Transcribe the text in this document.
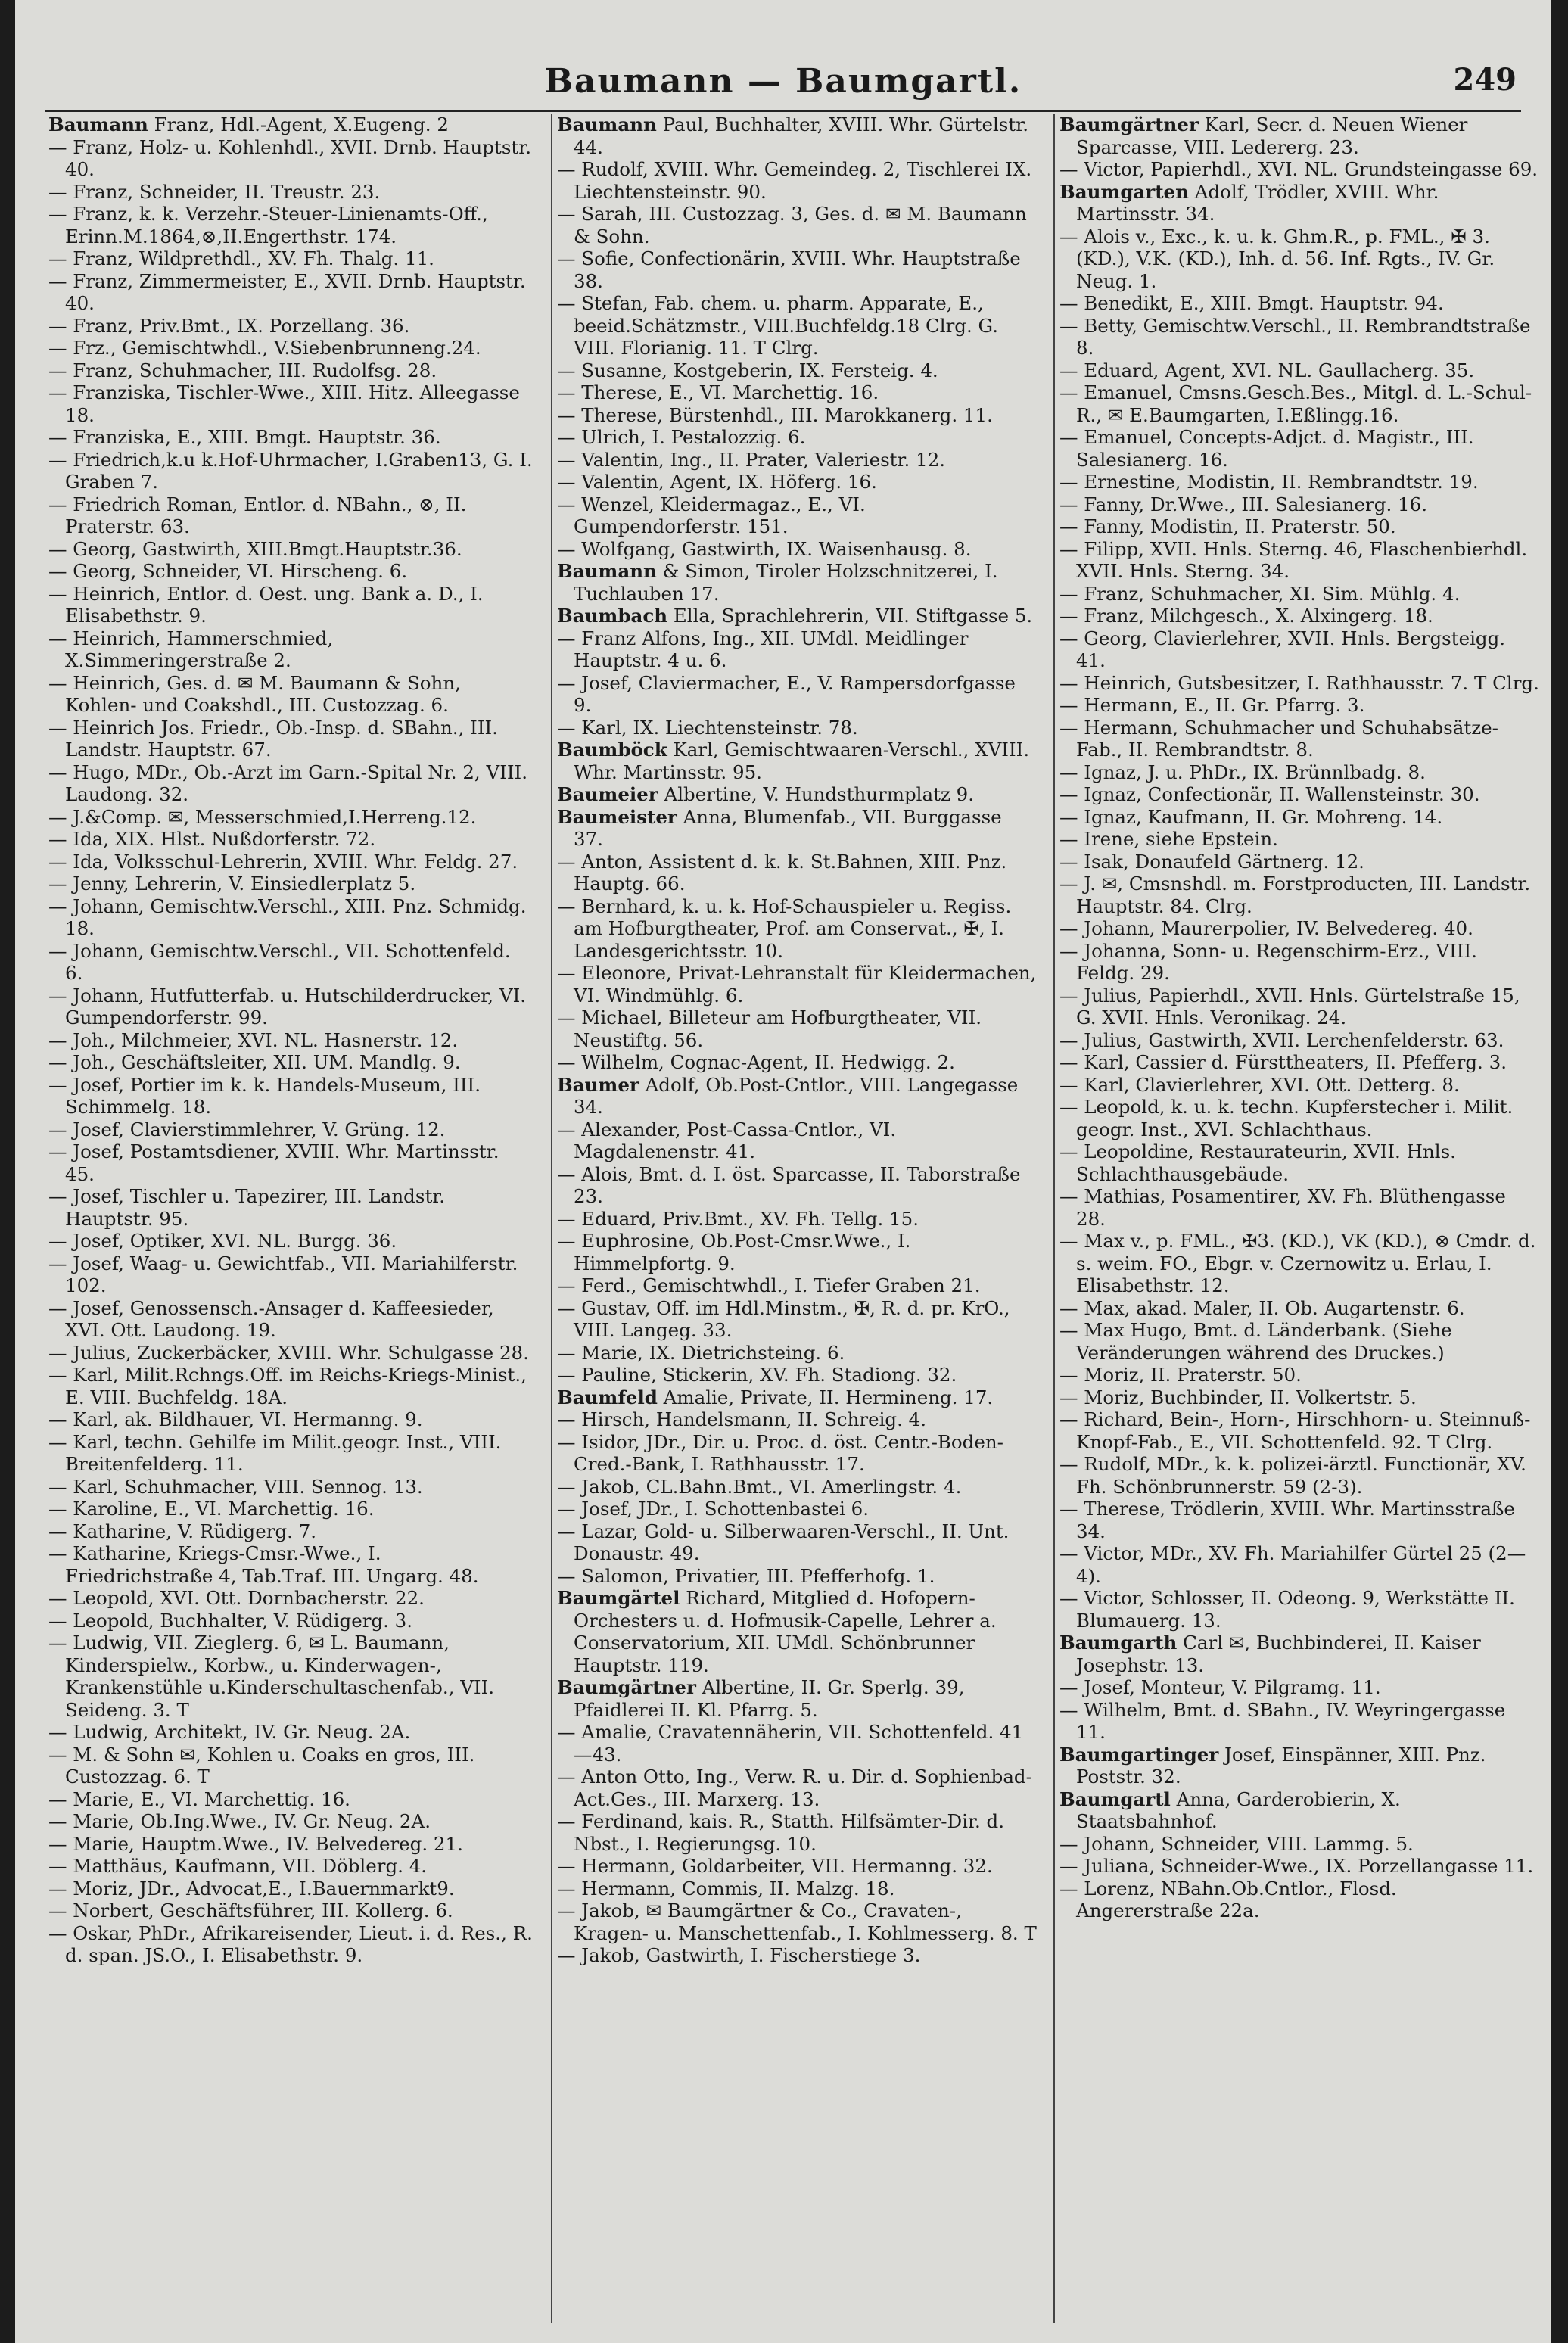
Baumann — Baumgartl.	249
Baumann Franz, Hdl.-Agent, X.Eugeng. 2
— Franz, Holz- u. Kohlenhdl., XVII. Drnb. Hauptstr. 40.
— Franz, Schneider, II. Treustr. 23.
— Franz, k. k. Verzehr.-Steuer-Linienamts-Off., Erinn.M.1864,⊗,II.Engerthstr. 174.
— Franz, Wildprethdl., XV. Fh. Thalg. 11.
— Franz, Zimmermeister, E., XVII. Drnb. Hauptstr. 40.
— Franz, Priv.Bmt., IX. Porzellang. 36.
— Frz., Gemischtwhdl., V.Siebenbrunneng.24.
— Franz, Schuhmacher, III. Rudolfsg. 28.
— Franziska, Tischler-Wwe., XIII. Hitz. Alleegasse 18.
— Franziska, E., XIII. Bmgt. Hauptstr. 36.
— Friedrich,k.u k.Hof-Uhrmacher, I.Graben13, G. I. Graben 7.
— Friedrich Roman, Entlor. d. NBahn., ⊗, II. Praterstr. 63.
— Georg, Gastwirth, XIII.Bmgt.Hauptstr.36.
— Georg, Schneider, VI. Hirscheng. 6.
— Heinrich, Entlor. d. Oest. ung. Bank a. D., I. Elisabethstr. 9.
— Heinrich, Hammerschmied, X.Simmeringerstraße 2.
— Heinrich, Ges. d. ✉ M. Baumann & Sohn, Kohlen- und Coakshdl., III. Custozzag. 6.
— Heinrich Jos. Friedr., Ob.-Insp. d. SBahn., III. Landstr. Hauptstr. 67.
— Hugo, MDr., Ob.-Arzt im Garn.-Spital Nr. 2, VIII. Laudong. 32.
— J.&Comp. ✉, Messerschmied,I.Herreng.12.
— Ida, XIX. Hlst. Nußdorferstr. 72.
— Ida, Volksschul-Lehrerin, XVIII. Whr. Feldg. 27.
— Jenny, Lehrerin, V. Einsiedlerplatz 5.
— Johann, Gemischtw.Verschl., XIII. Pnz. Schmidg. 18.
— Johann, Gemischtw.Verschl., VII. Schottenfeld. 6.
— Johann, Hutfutterfab. u. Hutschilderdrucker, VI. Gumpendorferstr. 99.
— Joh., Milchmeier, XVI. NL. Hasnerstr. 12.
— Joh., Geschäftsleiter, XII. UM. Mandlg. 9.
— Josef, Portier im k. k. Handels-Museum, III. Schimmelg. 18.
— Josef, Clavierstimmlehrer, V. Grüng. 12.
— Josef, Postamtsdiener, XVIII. Whr. Martinsstr. 45.
— Josef, Tischler u. Tapezirer, III. Landstr. Hauptstr. 95.
— Josef, Optiker, XVI. NL. Burgg. 36.
— Josef, Waag- u. Gewichtfab., VII. Mariahilferstr. 102.
— Josef, Genossensch.-Ansager d. Kaffeesieder, XVI. Ott. Laudong. 19.
— Julius, Zuckerbäcker, XVIII. Whr. Schulgasse 28.
— Karl, Milit.Rchngs.Off. im Reichs-Kriegs-Minist., E. VIII. Buchfeldg. 18A.
— Karl, ak. Bildhauer, VI. Hermanng. 9.
— Karl, techn. Gehilfe im Milit.geogr. Inst., VIII. Breitenfelderg. 11.
— Karl, Schuhmacher, VIII. Sennog. 13.
— Karoline, E., VI. Marchettig. 16.
— Katharine, V. Rüdigerg. 7.
— Katharine, Kriegs-Cmsr.-Wwe., I. Friedrichstraße 4, Tab.Traf. III. Ungarg. 48.
— Leopold, XVI. Ott. Dornbacherstr. 22.
— Leopold, Buchhalter, V. Rüdigerg. 3.
— Ludwig, VII. Zieglerg. 6, ✉ L. Baumann, Kinderspielw., Korbw., u. Kinderwagen-, Krankenstühle u.Kinderschultaschenfab., VII. Seideng. 3. T
— Ludwig, Architekt, IV. Gr. Neug. 2A.
— M. & Sohn ✉, Kohlen u. Coaks en gros, III. Custozzag. 6. T
— Marie, E., VI. Marchettig. 16.
— Marie, Ob.Ing.Wwe., IV. Gr. Neug. 2A.
— Marie, Hauptm.Wwe., IV. Belvedereg. 21.
— Matthäus, Kaufmann, VII. Döblerg. 4.
— Moriz, JDr., Advocat,E., I.Bauernmarkt9.
— Norbert, Geschäftsführer, III. Kollerg. 6.
— Oskar, PhDr., Afrikareisender, Lieut. i. d. Res., R. d. span. JS.O., I. Elisabethstr. 9.
Baumann Paul, Buchhalter, XVIII. Whr. Gürtelstr. 44.
— Rudolf, XVIII. Whr. Gemeindeg. 2, Tischlerei IX. Liechtensteinstr. 90.
— Sarah, III. Custozzag. 3, Ges. d. ✉ M. Baumann & Sohn.
— Sofie, Confectionärin, XVIII. Whr. Hauptstraße 38.
— Stefan, Fab. chem. u. pharm. Apparate, E., beeid.Schätzmstr., VIII.Buchfeldg.18 Clrg. G. VIII. Florianig. 11. T Clrg.
— Susanne, Kostgeberin, IX. Fersteig. 4.
— Therese, E., VI. Marchettig. 16.
— Therese, Bürstenhdl., III. Marokkanerg. 11.
— Ulrich, I. Pestalozzig. 6.
— Valentin, Ing., II. Prater, Valeriestr. 12.
— Valentin, Agent, IX. Höferg. 16.
— Wenzel, Kleidermagaz., E., VI. Gumpendorferstr. 151.
— Wolfgang, Gastwirth, IX. Waisenhausg. 8.
Baumann & Simon, Tiroler Holzschnitzerei, I. Tuchlauben 17.
Baumbach Ella, Sprachlehrerin, VII. Stiftgasse 5.
— Franz Alfons, Ing., XII. UMdl. Meidlinger Hauptstr. 4 u. 6.
— Josef, Claviermacher, E., V. Rampersdorfgasse 9.
— Karl, IX. Liechtensteinstr. 78.
Baumböck Karl, Gemischtwaaren-Verschl., XVIII. Whr. Martinsstr. 95.
Baumeier Albertine, V. Hundsthurmplatz 9.
Baumeister Anna, Blumenfab., VII. Burggasse 37.
— Anton, Assistent d. k. k. St.Bahnen, XIII. Pnz. Hauptg. 66.
— Bernhard, k. u. k. Hof-Schauspieler u. Regiss. am Hofburgtheater, Prof. am Conservat., ✠, I. Landesgerichtsstr. 10.
— Eleonore, Privat-Lehranstalt für Kleidermachen, VI. Windmühlg. 6.
— Michael, Billeteur am Hofburgtheater, VII. Neustiftg. 56.
— Wilhelm, Cognac-Agent, II. Hedwigg. 2.
Baumer Adolf, Ob.Post-Cntlor., VIII. Langegasse 34.
— Alexander, Post-Cassa-Cntlor., VI. Magdalenenstr. 41.
— Alois, Bmt. d. I. öst. Sparcasse, II. Taborstraße 23.
— Eduard, Priv.Bmt., XV. Fh. Tellg. 15.
— Euphrosine, Ob.Post-Cmsr.Wwe., I. Himmelpfortg. 9.
— Ferd., Gemischtwhdl., I. Tiefer Graben 21.
— Gustav, Off. im Hdl.Minstm., ✠, R. d. pr. KrO., VIII. Langeg. 33.
— Marie, IX. Dietrichsteing. 6.
— Pauline, Stickerin, XV. Fh. Stadiong. 32.
Baumfeld Amalie, Private, II. Hermineng. 17.
— Hirsch, Handelsmann, II. Schreig. 4.
— Isidor, JDr., Dir. u. Proc. d. öst. Centr.-Boden-Cred.-Bank, I. Rathhausstr. 17.
— Jakob, CL.Bahn.Bmt., VI. Amerlingstr. 4.
— Josef, JDr., I. Schottenbastei 6.
— Lazar, Gold- u. Silberwaaren-Verschl., II. Unt. Donaustr. 49.
— Salomon, Privatier, III. Pfefferhofg. 1.
Baumgärtel Richard, Mitglied d. Hofopern-Orchesters u. d. Hofmusik-Capelle, Lehrer a. Conservatorium, XII. UMdl. Schönbrunner Hauptstr. 119.
Baumgärtner Albertine, II. Gr. Sperlg. 39, Pfaidlerei II. Kl. Pfarrg. 5.
— Amalie, Cravatennäherin, VII. Schottenfeld. 41—43.
— Anton Otto, Ing., Verw. R. u. Dir. d. Sophienbad-Act.Ges., III. Marxerg. 13.
— Ferdinand, kais. R., Statth. Hilfsämter-Dir. d. Nbst., I. Regierungsg. 10.
— Hermann, Goldarbeiter, VII. Hermanng. 32.
— Hermann, Commis, II. Malzg. 18.
— Jakob, ✉ Baumgärtner & Co., Cravaten-, Kragen- u. Manschettenfab., I. Kohlmesserg. 8. T
— Jakob, Gastwirth, I. Fischerstiege 3.
Baumgärtner Karl, Secr. d. Neuen Wiener Sparcasse, VIII. Ledererg. 23.
— Victor, Papierhdl., XVI. NL. Grundsteingasse 69.
Baumgarten Adolf, Trödler, XVIII. Whr. Martinsstr. 34.
— Alois v., Exc., k. u. k. Ghm.R., p. FML., ✠ 3. (KD.), V.K. (KD.), Inh. d. 56. Inf. Rgts., IV. Gr. Neug. 1.
— Benedikt, E., XIII. Bmgt. Hauptstr. 94.
— Betty, Gemischtw.Verschl., II. Rembrandtstraße 8.
— Eduard, Agent, XVI. NL. Gaullacherg. 35.
— Emanuel, Cmsns.Gesch.Bes., Mitgl. d. L.-Schul-R., ✉ E.Baumgarten, I.Eßlingg.16.
— Emanuel, Concepts-Adjct. d. Magistr., III. Salesianerg. 16.
— Ernestine, Modistin, II. Rembrandtstr. 19.
— Fanny, Dr.Wwe., III. Salesianerg. 16.
— Fanny, Modistin, II. Praterstr. 50.
— Filipp, XVII. Hnls. Sterng. 46, Flaschenbierhdl. XVII. Hnls. Sterng. 34.
— Franz, Schuhmacher, XI. Sim. Mühlg. 4.
— Franz, Milchgesch., X. Alxingerg. 18.
— Georg, Clavierlehrer, XVII. Hnls. Bergsteigg. 41.
— Heinrich, Gutsbesitzer, I. Rathhausstr. 7. T Clrg.
— Hermann, E., II. Gr. Pfarrg. 3.
— Hermann, Schuhmacher und Schuhabsätze-Fab., II. Rembrandtstr. 8.
— Ignaz, J. u. PhDr., IX. Brünnlbadg. 8.
— Ignaz, Confectionär, II. Wallensteinstr. 30.
— Ignaz, Kaufmann, II. Gr. Mohreng. 14.
— Irene, siehe Epstein.
— Isak, Donaufeld Gärtnerg. 12.
— J. ✉, Cmsnshdl. m. Forstproducten, III. Landstr. Hauptstr. 84. Clrg.
— Johann, Maurerpolier, IV. Belvedereg. 40.
— Johanna, Sonn- u. Regenschirm-Erz., VIII. Feldg. 29.
— Julius, Papierhdl., XVII. Hnls. Gürtelstraße 15, G. XVII. Hnls. Veronikag. 24.
— Julius, Gastwirth, XVII. Lerchenfelderstr. 63.
— Karl, Cassier d. Fürsttheaters, II. Pfefferg. 3.
— Karl, Clavierlehrer, XVI. Ott. Detterg. 8.
— Leopold, k. u. k. techn. Kupferstecher i. Milit. geogr. Inst., XVI. Schlachthaus.
— Leopoldine, Restaurateurin, XVII. Hnls. Schlachthausgebäude.
— Mathias, Posamentirer, XV. Fh. Blüthengasse 28.
— Max v., p. FML., ✠3. (KD.), VK (KD.), ⊗ Cmdr. d. s. weim. FO., Ebgr. v. Czernowitz u. Erlau, I. Elisabethstr. 12.
— Max, akad. Maler, II. Ob. Augartenstr. 6.
— Max Hugo, Bmt. d. Länderbank. (Siehe Veränderungen während des Druckes.)
— Moriz, II. Praterstr. 50.
— Moriz, Buchbinder, II. Volkertstr. 5.
— Richard, Bein-, Horn-, Hirschhorn- u. Steinnuß-Knopf-Fab., E., VII. Schottenfeld. 92. T Clrg.
— Rudolf, MDr., k. k. polizei-ärztl. Functionär, XV. Fh. Schönbrunnerstr. 59 (2-3).
— Therese, Trödlerin, XVIII. Whr. Martinsstraße 34.
— Victor, MDr., XV. Fh. Mariahilfer Gürtel 25 (2—4).
— Victor, Schlosser, II. Odeong. 9, Werkstätte II. Blumauerg. 13.
Baumgarth Carl ✉, Buchbinderei, II. Kaiser Josephstr. 13.
— Josef, Monteur, V. Pilgramg. 11.
— Wilhelm, Bmt. d. SBahn., IV. Weyringergasse 11.
Baumgartinger Josef, Einspänner, XIII. Pnz. Poststr. 32.
Baumgartl Anna, Garderobierin, X. Staatsbahnhof.
— Johann, Schneider, VIII. Lammg. 5.
— Juliana, Schneider-Wwe., IX. Porzellangasse 11.
— Lorenz, NBahn.Ob.Cntlor., Flosd. Angererstraße 22a.
